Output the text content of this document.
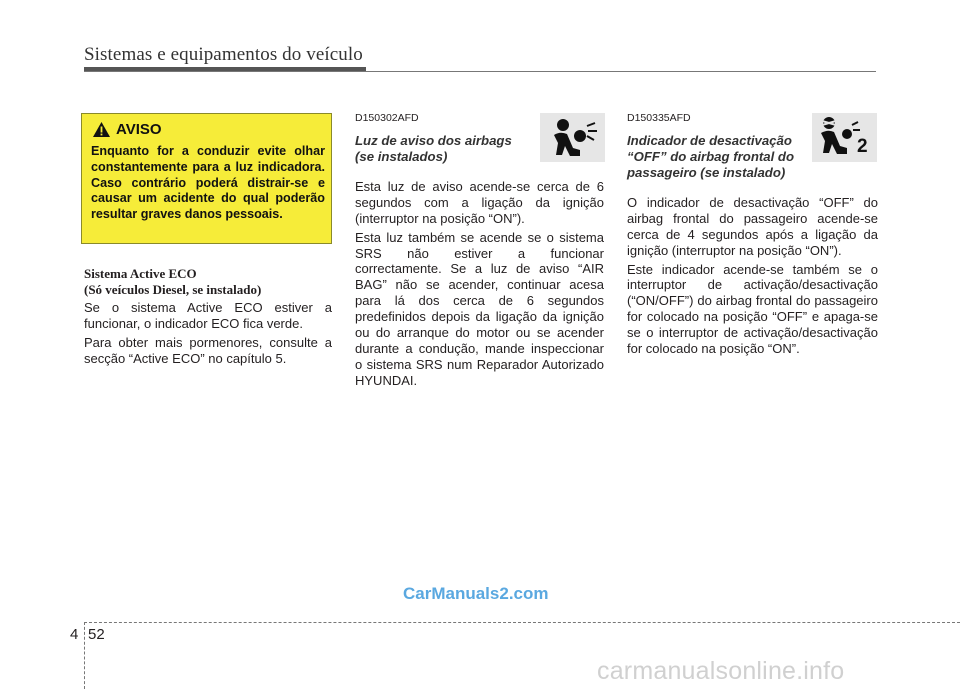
Sistemas e equipamentos do veículo
AVISO
Enquanto for a conduzir evite olhar constantemente para a luz indicadora. Caso contrário poderá distrair-se e causar um acidente do qual poderão resultar graves danos pessoais.
Sistema Active ECO
(Só veículos Diesel, se instalado)

Se o sistema Active ECO estiver a funcionar, o indicador ECO fica verde.

Para obter mais pormenores, consulte a secção “Active ECO” no capítulo 5.

D150302AFD
Luz de aviso dos airbags
(se instalados)

Esta luz de aviso acende-se cerca de 6 segundos com a ligação da ignição (interruptor na posição “ON”).

Esta luz também se acende se o sistema SRS não estiver a funcionar correctamente. Se a luz de aviso “AIR BAG” não se acender, continuar acesa para lá dos cerca de 6 segundos predefinidos depois da ligação da ignição ou do arranque do motor ou se acender durante a condução, mande inspeccionar o sistema SRS num Reparador Autorizado HYUNDAI.

D150335AFD
Indicador de desactivação
“OFF” do airbag frontal do
passageiro (se instalado)

O indicador de desactivação “OFF” do airbag frontal do passageiro acende-se cerca de 4 segundos após a ligação da ignição (interruptor na posição “ON”).

Este indicador acende-se também se o interruptor de activação/desactivação (“ON/OFF”) do airbag frontal do passageiro for colocado na posição “OFF” e apaga-se se o interruptor de activação/desactivação for colocado na posição “ON”.

2
CarManuals2.com
4 52
carmanualsonline.info
